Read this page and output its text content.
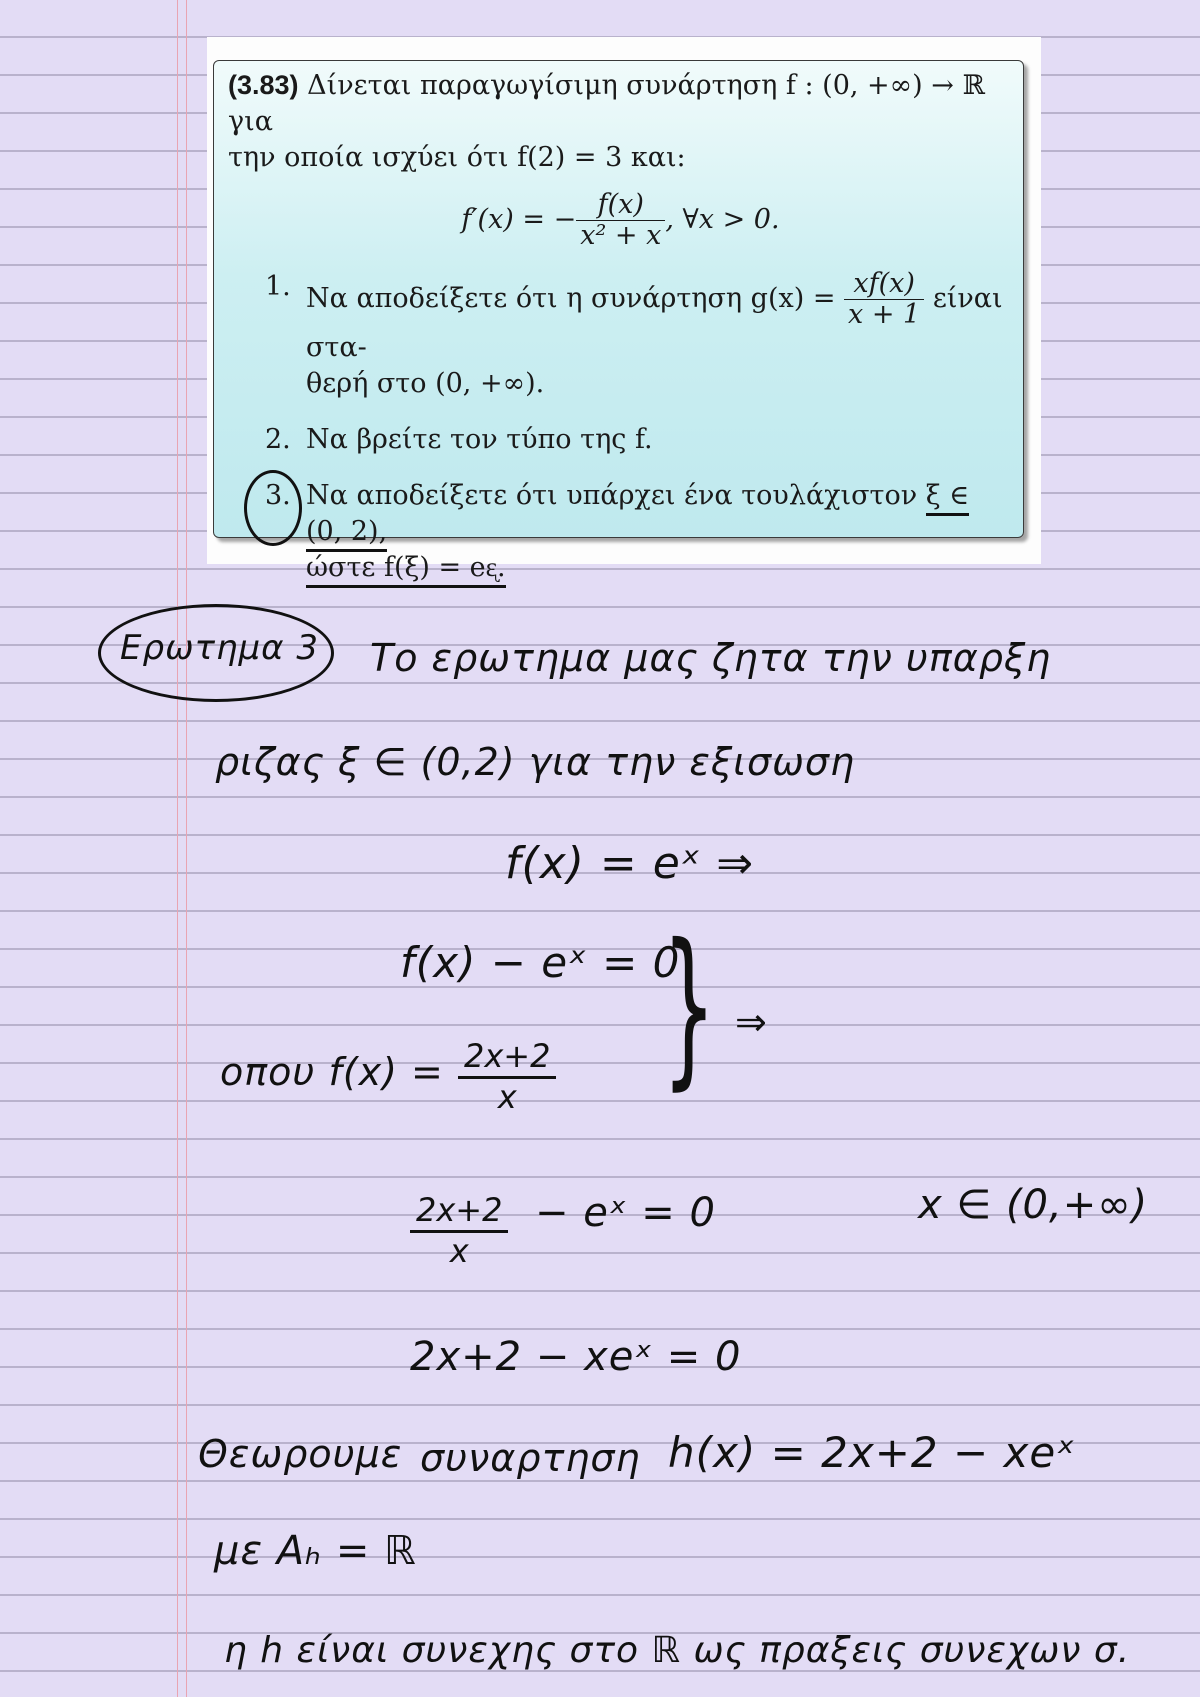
(3.83) Δίνεται παραγωγίσιμη συνάρτηση f : (0, +∞) → ℝ για
την οποία ισχύει ότι f(2) = 3 και:
f′(x) = − $\frac{f(x)}{\text{x² + x}}$ , ∀x > 0.
1. Να αποδείξετε ότι η συνάρτηση $g(x) = \frac{xf(x)}{x + 1}$ είναι στα-
θερή στο (0, +∞).
2. Να βρείτε τον τύπο της f.
3. Να αποδείξετε ότι υπάρχει ένα τουλάχιστον ξ ∈ (0, 2),
ώστε f(ξ) = eᶓ.
Ερωτημα 3 Το ερωτημα μας ζητα την υπαρξη
ριζας ξ ∈ (0,2) για την εξισωση
f(x) = eˣ ⇒
f(x) − eˣ = 0
} ⇒
οπου $f(x) = \frac{2x+2}{x}$
$\frac{2x+2}{x}$ − eˣ = 0	x ∈ (0,+∞)
2x+2 − xeˣ = 0
Θεωρουμε συναρτηση h(x) = 2x+2 − xeˣ
με Aₕ = ℝ
η h είναι συνεχης στο ℝ ως πραξεις συνεχων σ.
